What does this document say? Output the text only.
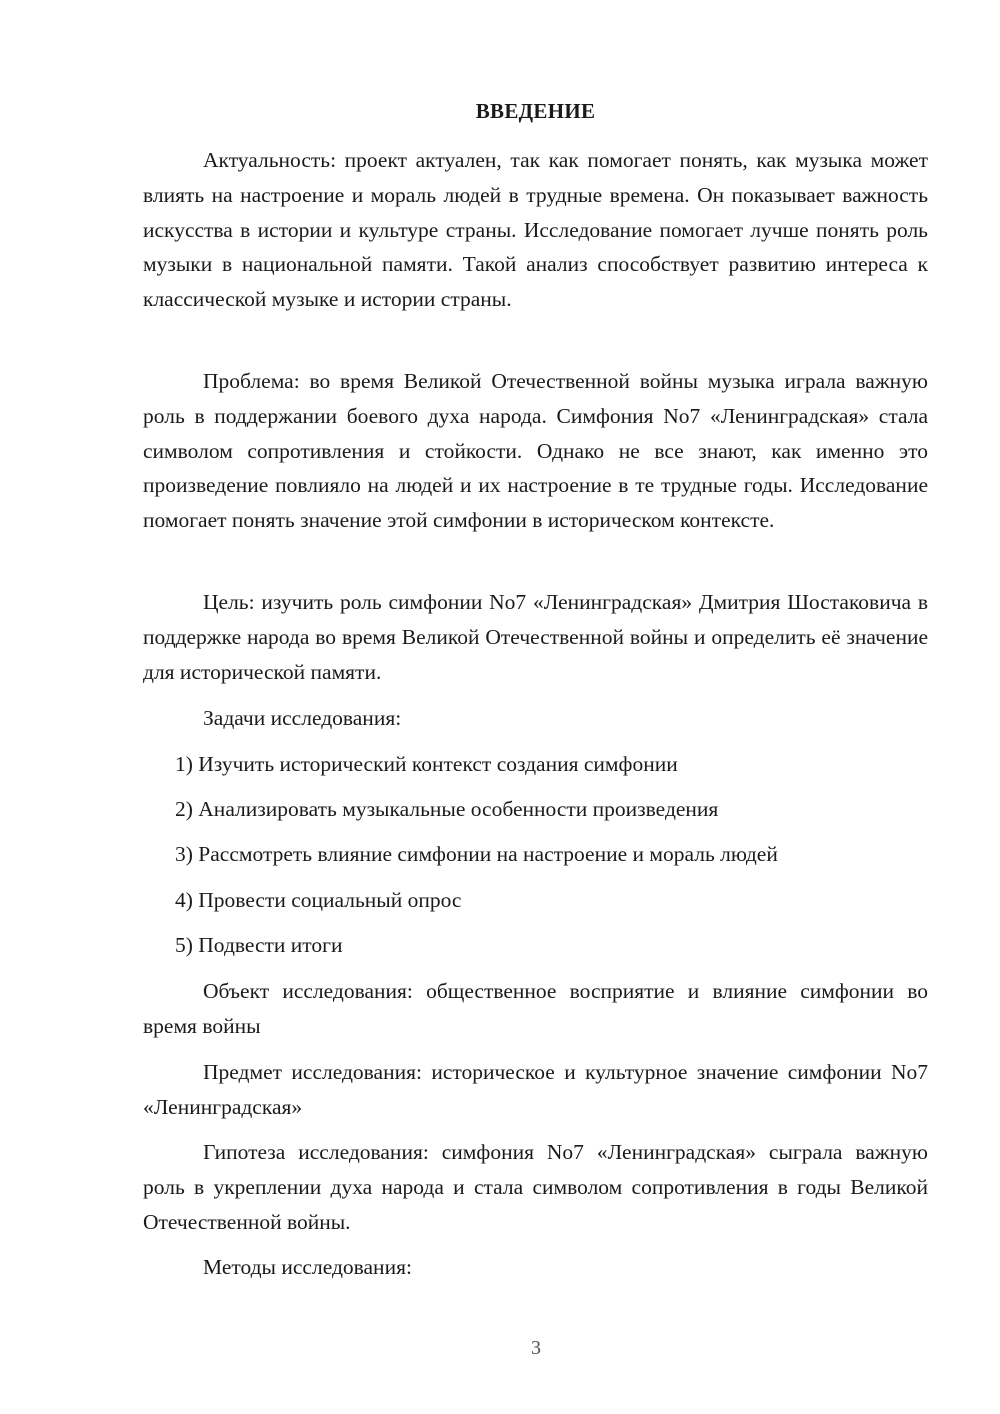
ВВЕДЕНИЕ

Актуальность: проект актуален, так как помогает понять, как музыка может влиять на настроение и мораль людей в трудные времена. Он показывает важность искусства в истории и культуре страны. Исследование помогает лучше понять роль музыки в национальной памяти. Такой анализ способствует развитию интереса к классической музыке и истории страны.

Проблема: во время Великой Отечественной войны музыка играла важную роль в поддержании боевого духа народа. Симфония No7 «Ленинградская» стала символом сопротивления и стойкости. Однако не все знают, как именно это произведение повлияло на людей и их настроение в те трудные годы. Исследование помогает понять значение этой симфонии в историческом контексте.

Цель: изучить роль симфонии No7 «Ленинградская» Дмитрия Шостаковича в поддержке народа во время Великой Отечественной войны и определить её значение для исторической памяти.

Задачи исследования:

1) Изучить исторический контекст создания симфонии

2) Анализировать музыкальные особенности произведения

3) Рассмотреть влияние симфонии на настроение и мораль людей

4) Провести социальный опрос

5) Подвести итоги

Объект исследования: общественное восприятие и влияние симфонии во время войны

Предмет исследования: историческое и культурное значение симфонии No7 «Ленинградская»

Гипотеза исследования: симфония No7 «Ленинградская» сыграла важную роль в укреплении духа народа и стала символом сопротивления в годы Великой Отечественной войны.

Методы исследования:

3
